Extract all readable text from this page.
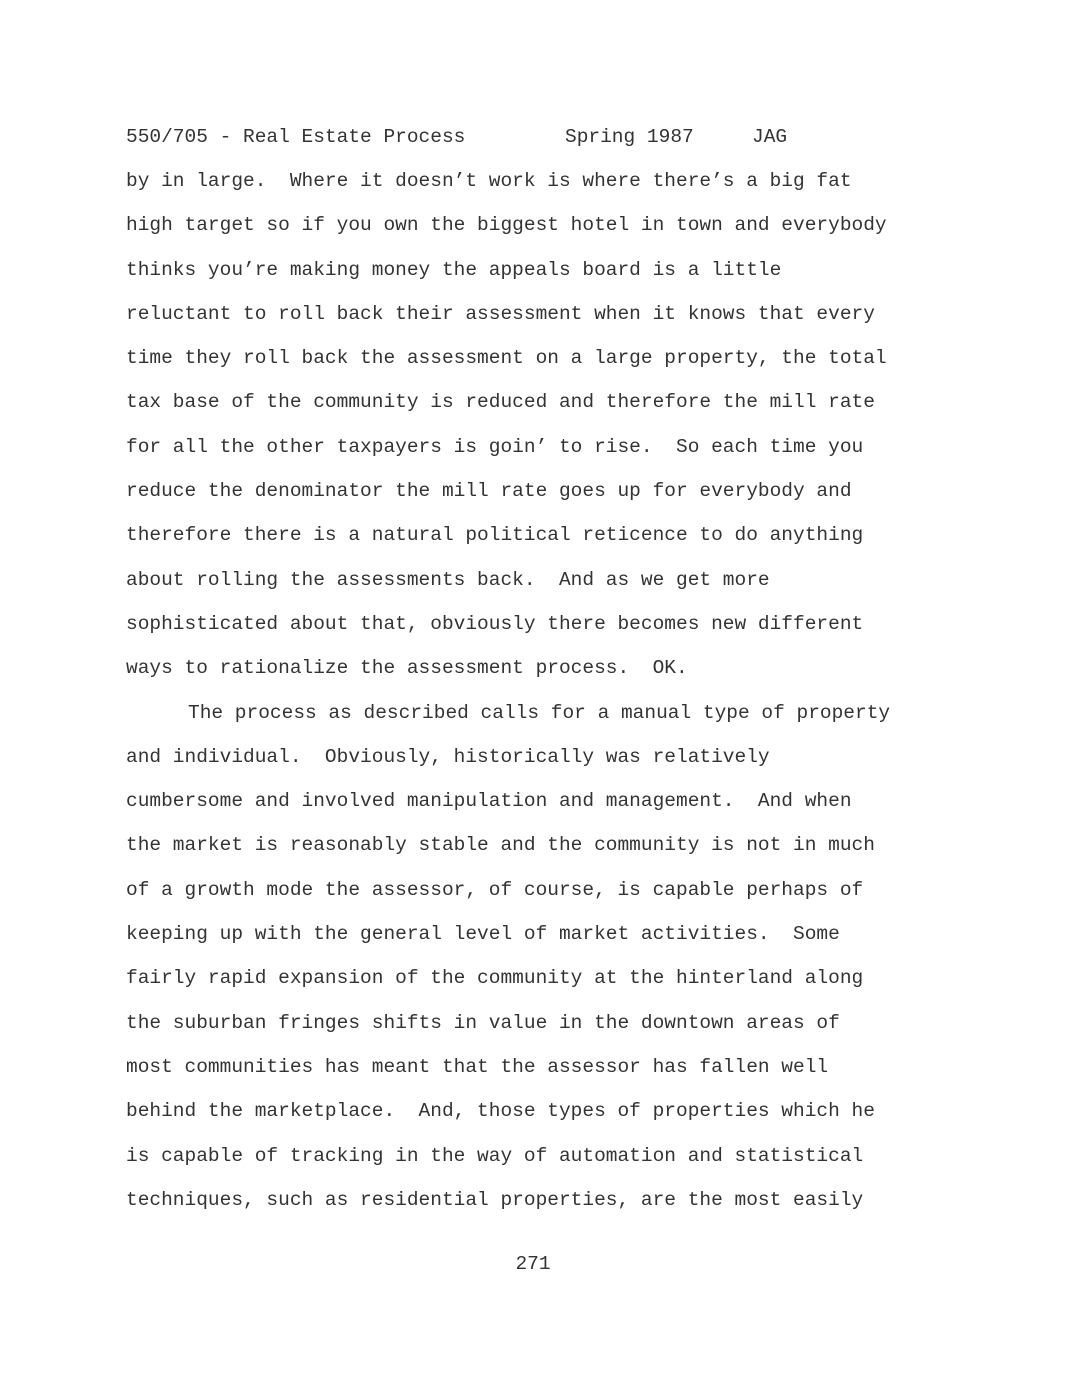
550/705 - Real Estate Process

	Spring 1987

	JAG

by in large.  Where it doesn’t work is where there’s a big fat
high target so if you own the biggest hotel in town and everybody
thinks you’re making money the appeals board is a little
reluctant to roll back their assessment when it knows that every
time they roll back the assessment on a large property, the total
tax base of the community is reduced and therefore the mill rate
for all the other taxpayers is goin’ to rise.  So each time you
reduce the denominator the mill rate goes up for everybody and
therefore there is a natural political reticence to do anything
about rolling the assessments back.  And as we get more
sophisticated about that, obviously there becomes new different
ways to rationalize the assessment process.  OK.
The process as described calls for a manual type of property
and individual.  Obviously, historically was relatively
cumbersome and involved manipulation and management.  And when
the market is reasonably stable and the community is not in much
of a growth mode the assessor, of course, is capable perhaps of
keeping up with the general level of market activities.  Some
fairly rapid expansion of the community at the hinterland along
the suburban fringes shifts in value in the downtown areas of
most communities has meant that the assessor has fallen well
behind the marketplace.  And, those types of properties which he
is capable of tracking in the way of automation and statistical
techniques, such as residential properties, are the most easily
271
